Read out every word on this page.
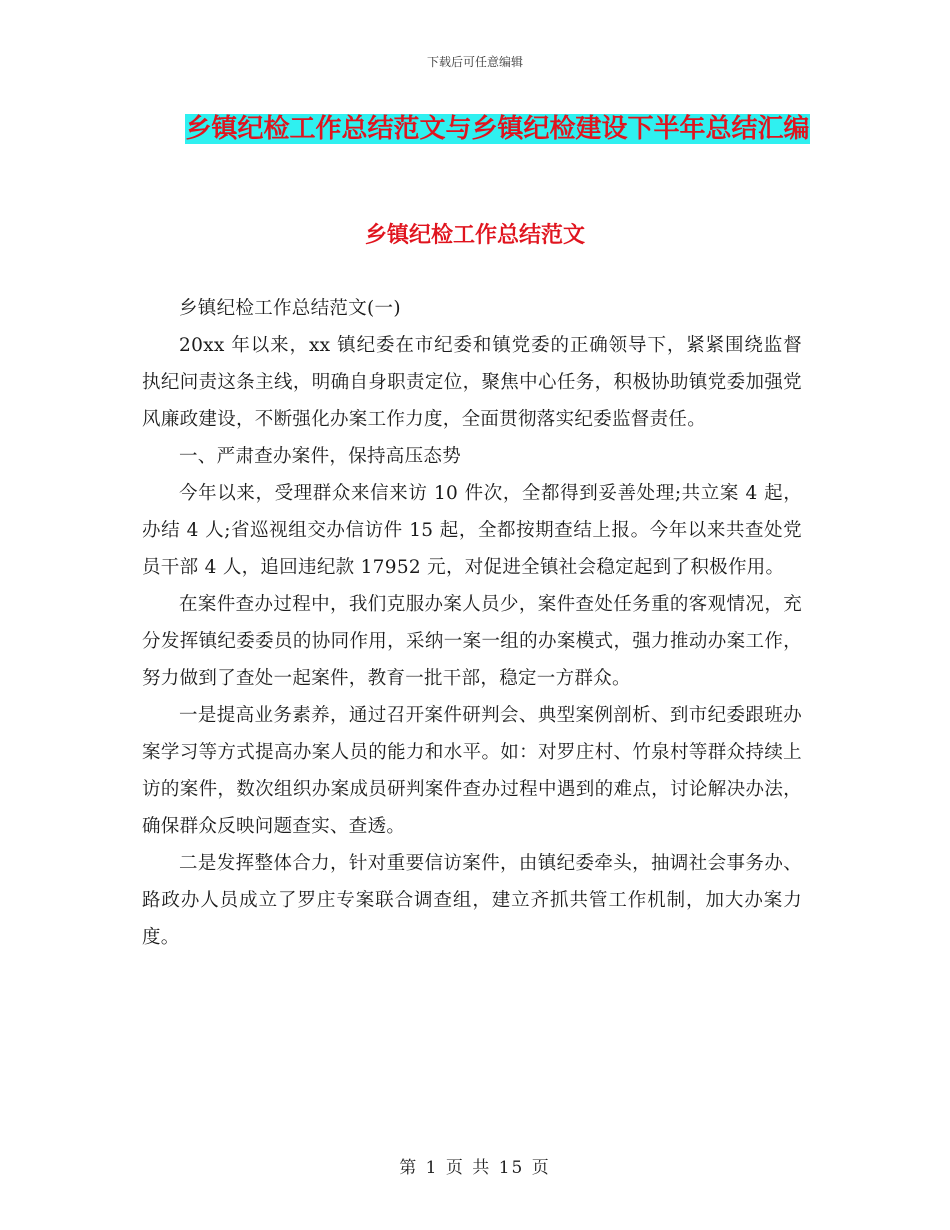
下载后可任意编辑
乡镇纪检工作总结范文与乡镇纪检建设下半年总结汇编
乡镇纪检工作总结范文

乡镇纪检工作总结范文(一)

20xx 年以来，xx 镇纪委在市纪委和镇党委的正确领导下，紧紧围绕监督执纪问责这条主线，明确自身职责定位，聚焦中心任务，积极协助镇党委加强党风廉政建设，不断强化办案工作力度，全面贯彻落实纪委监督责任。

一、严肃查办案件，保持高压态势

今年以来，受理群众来信来访 10 件次，全都得到妥善处理;共立案 4 起，办结 4 人;省巡视组交办信访件 15 起，全都按期查结上报。今年以来共查处党员干部 4 人，追回违纪款 17952 元，对促进全镇社会稳定起到了积极作用。

在案件查办过程中，我们克服办案人员少，案件查处任务重的客观情况，充分发挥镇纪委委员的协同作用，采纳一案一组的办案模式，强力推动办案工作，努力做到了查处一起案件，教育一批干部，稳定一方群众。

一是提高业务素养，通过召开案件研判会、典型案例剖析、到市纪委跟班办案学习等方式提高办案人员的能力和水平。如：对罗庄村、竹泉村等群众持续上访的案件，数次组织办案成员研判案件查办过程中遇到的难点，讨论解决办法，确保群众反映问题查实、查透。

二是发挥整体合力，针对重要信访案件，由镇纪委牵头，抽调社会事务办、路政办人员成立了罗庄专案联合调查组，建立齐抓共管工作机制，加大办案力度。

第 1 页 共 15 页
